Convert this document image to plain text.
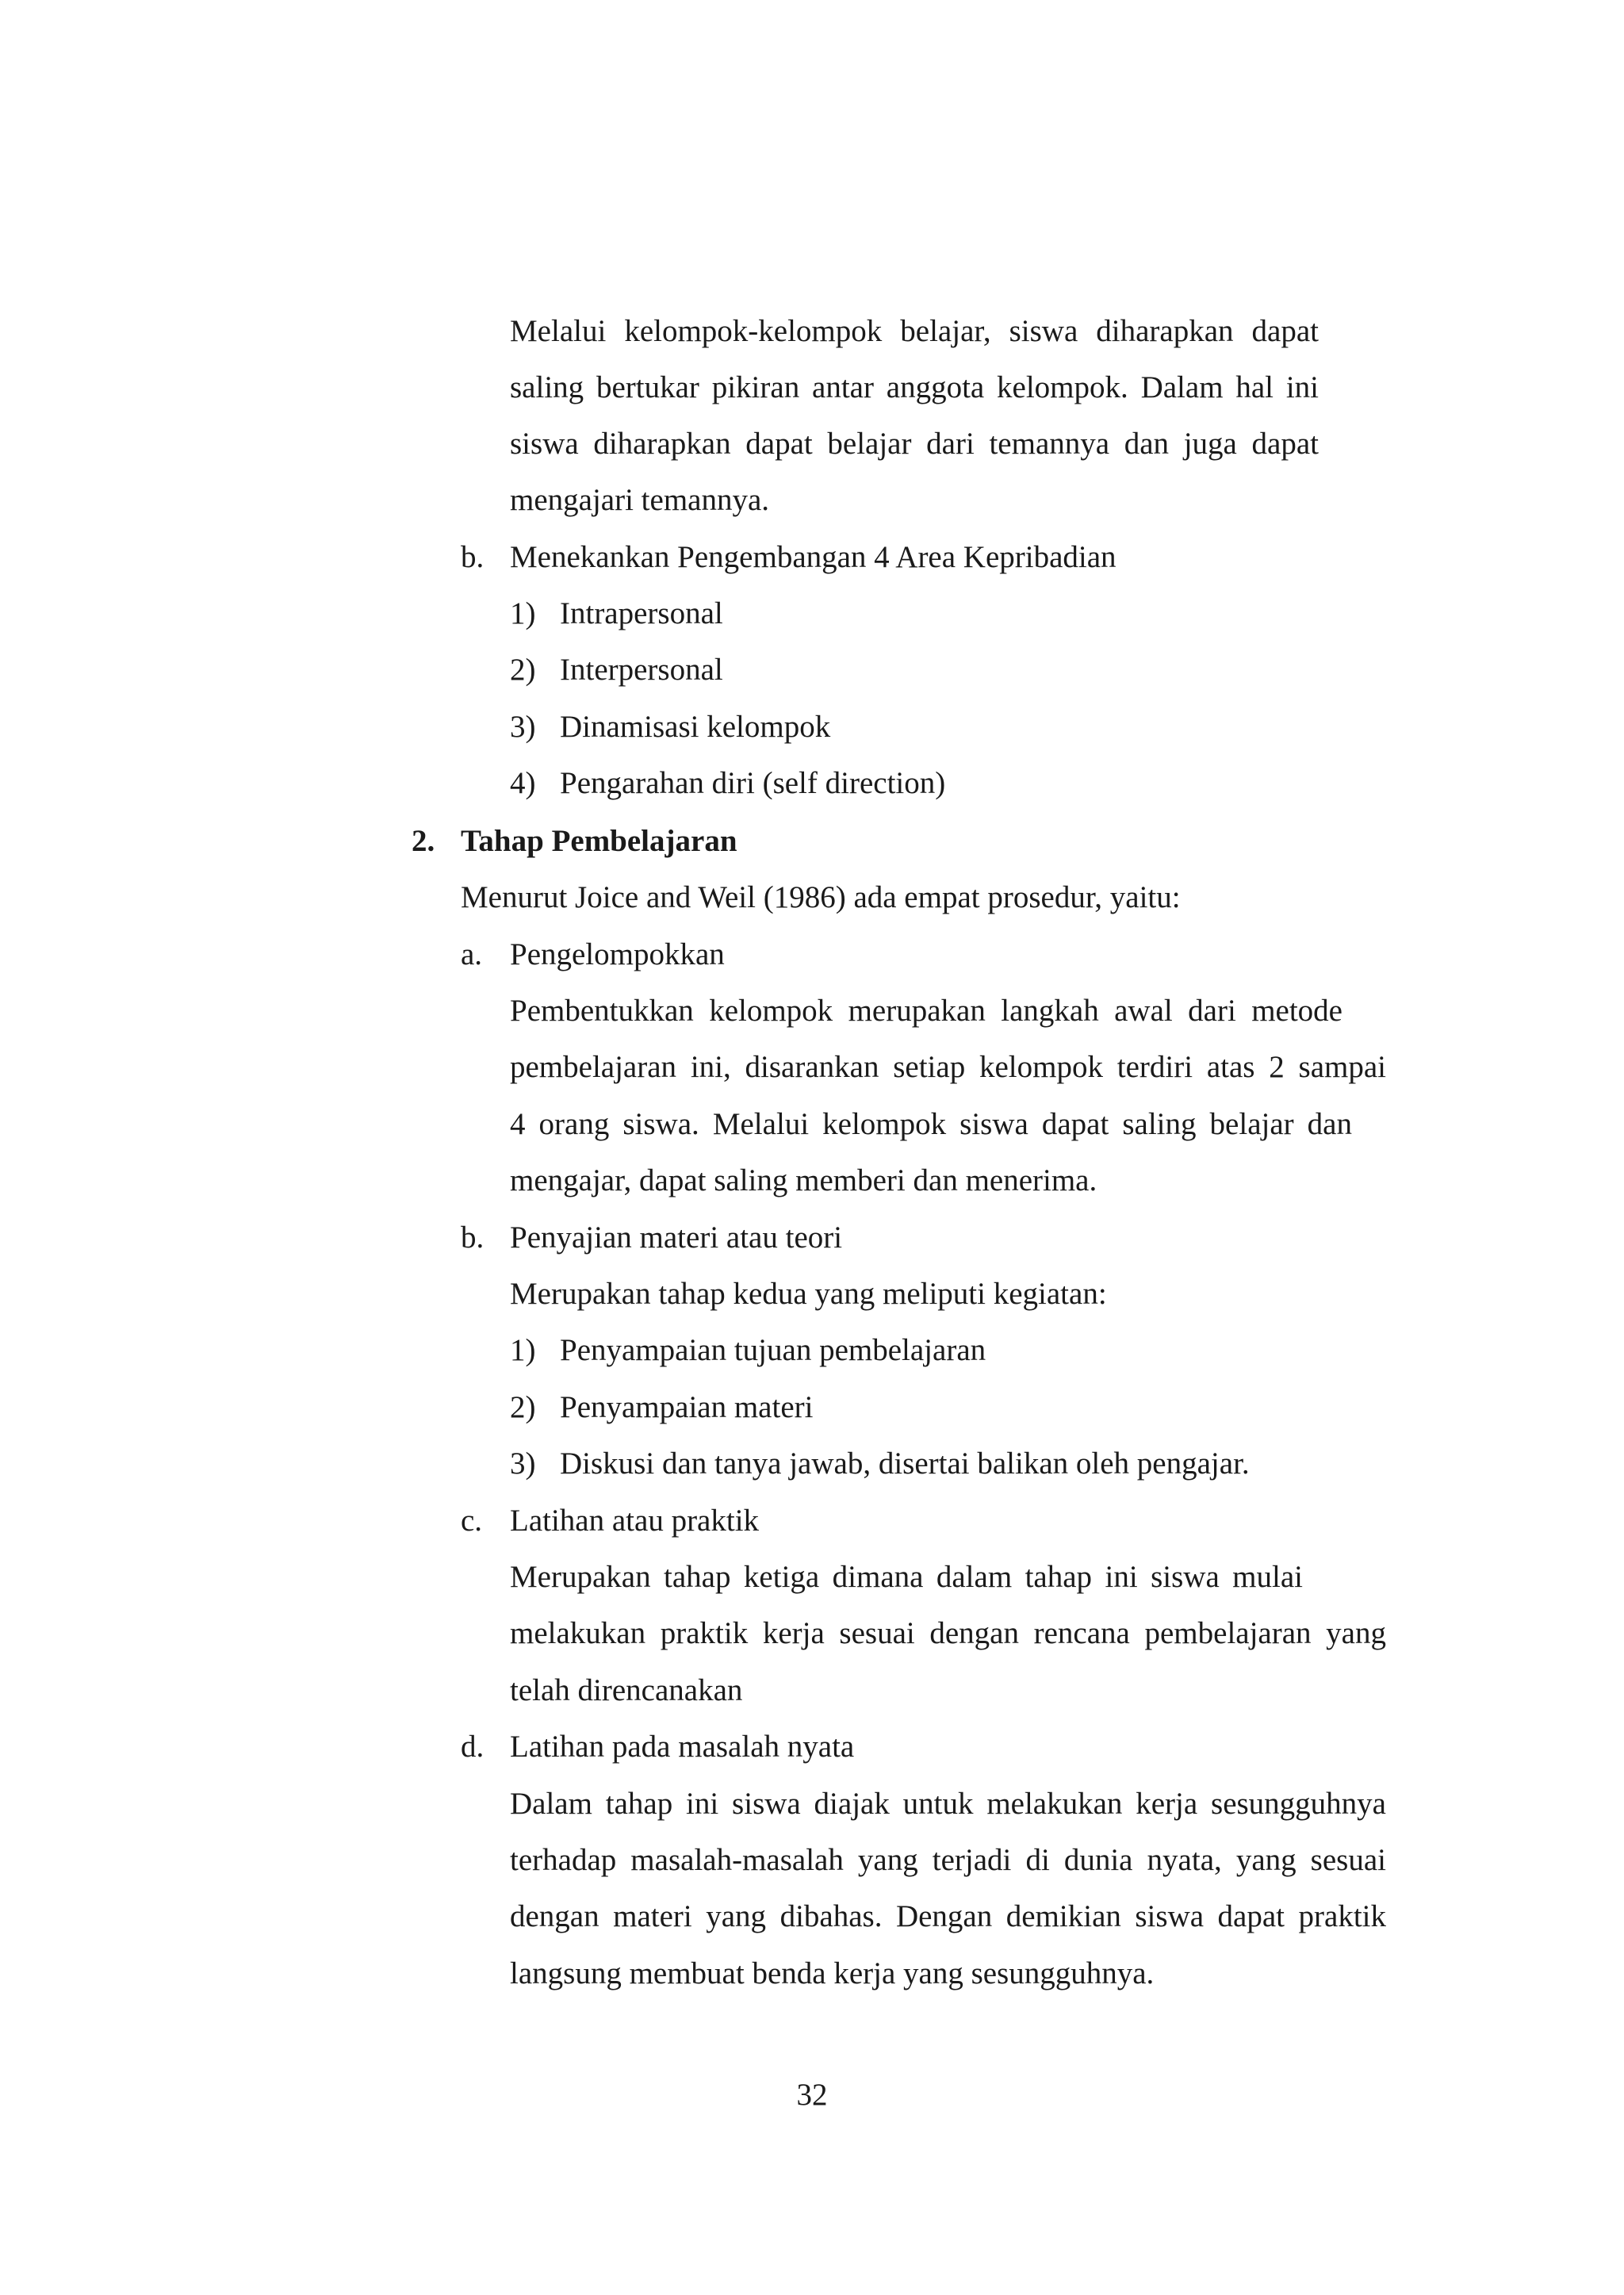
Melalui kelompok-kelompok belajar, siswa diharapkan dapat
saling bertukar pikiran antar anggota kelompok. Dalam hal ini
siswa diharapkan dapat belajar dari temannya dan juga dapat
mengajari temannya.
b. Menekankan Pengembangan 4 Area Kepribadian
1) Intrapersonal
2) Interpersonal
3) Dinamisasi kelompok
4) Pengarahan diri (self direction)
2. Tahap Pembelajaran
Menurut Joice and Weil (1986) ada empat prosedur, yaitu:
a. Pengelompokkan
Pembentukkan kelompok merupakan langkah awal dari metode
pembelajaran ini, disarankan setiap kelompok terdiri atas 2 sampai
4 orang siswa. Melalui kelompok siswa dapat saling belajar dan
mengajar, dapat saling memberi dan menerima.
b. Penyajian materi atau teori
Merupakan tahap kedua yang meliputi kegiatan:
1) Penyampaian tujuan pembelajaran
2) Penyampaian materi
3) Diskusi dan tanya jawab, disertai balikan oleh pengajar.
c. Latihan atau praktik
Merupakan tahap ketiga dimana dalam tahap ini siswa mulai
melakukan praktik kerja sesuai dengan rencana pembelajaran yang
telah direncanakan
d. Latihan pada masalah nyata
Dalam tahap ini siswa diajak untuk melakukan kerja sesungguhnya
terhadap masalah-masalah yang terjadi di dunia nyata, yang sesuai
dengan materi yang dibahas. Dengan demikian siswa dapat praktik
langsung membuat benda kerja yang sesungguhnya.
32
